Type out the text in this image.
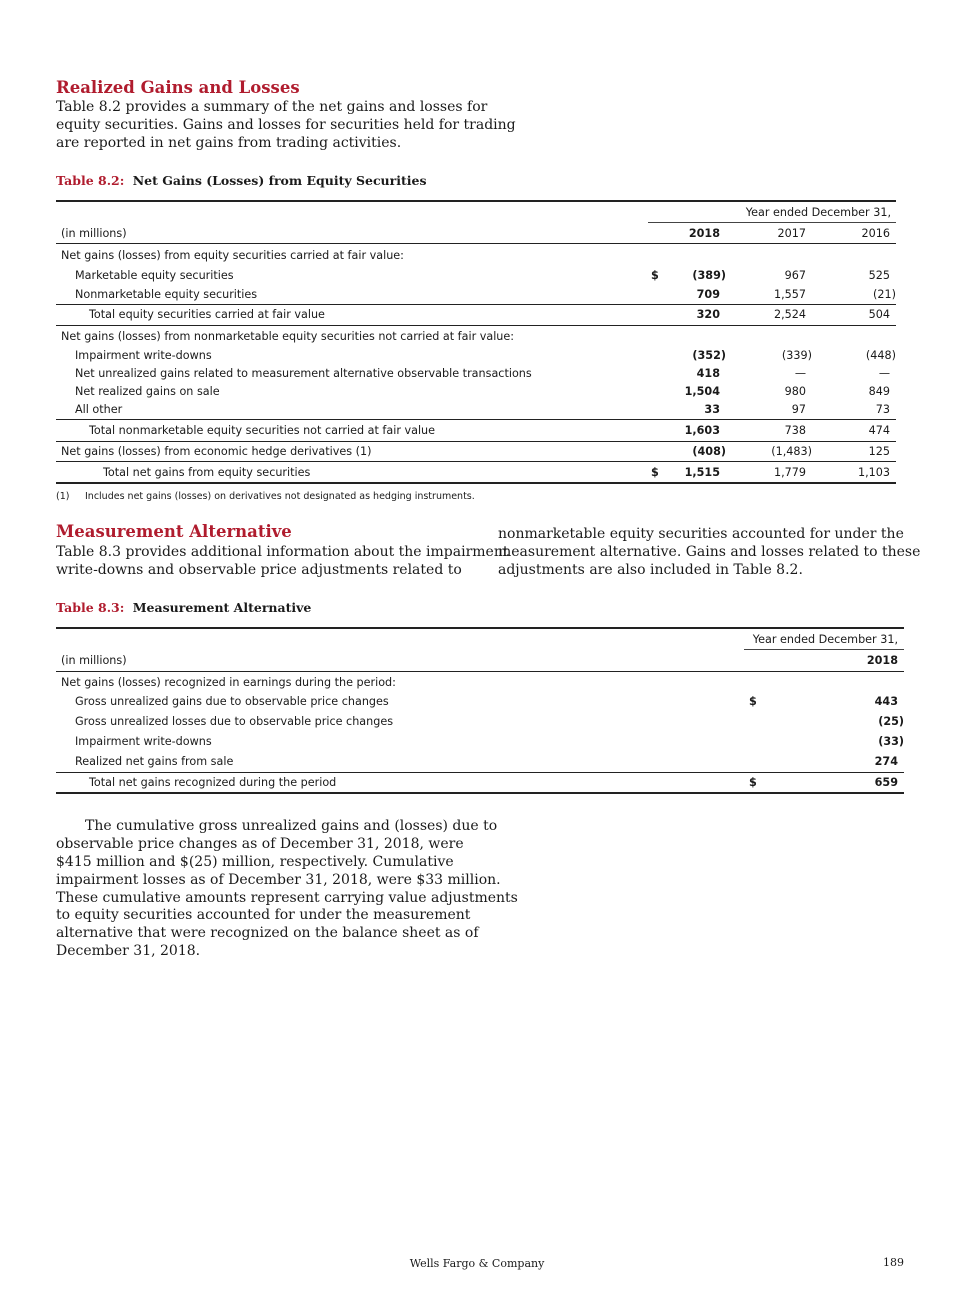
Realized Gains and Losses

Table 8.2 provides a summary of the net gains and losses for

equity securities. Gains and losses for securities held for trading

are reported in net gains from trading activities.

Table 8.2: Net Gains (Losses) from Equity Securities
Year ended December 31,
(in millions)	2018	2017	2016
Net gains (losses) from equity securities carried at fair value:
Marketable equity securities	$	(389)	967	525
Nonmarketable equity securities	709	1,557	(21)
Total equity securities carried at fair value	320	2,524	504
Net gains (losses) from nonmarketable equity securities not carried at fair value:
Impairment write-downs	(352)	(339)	(448)
Net unrealized gains related to measurement alternative observable transactions	418	—	—
Net realized gains on sale	1,504	980	849
All other	33	97	73
Total nonmarketable equity securities not carried at fair value	1,603	738	474
Net gains (losses) from economic hedge derivatives (1)	(408)	(1,483)	125
Total net gains from equity securities	$	1,515	1,779	1,103
(1) Includes net gains (losses) on derivatives not designated as hedging instruments.
Measurement Alternative

Table 8.3 provides additional information about the impairment

write-downs and observable price adjustments related to

nonmarketable equity securities accounted for under the

measurement alternative. Gains and losses related to these

adjustments are also included in Table 8.2.

Table 8.3: Measurement Alternative
Year ended December 31,
(in millions)	2018
Net gains (losses) recognized in earnings during the period:
Gross unrealized gains due to observable price changes	$	443
Gross unrealized losses due to observable price changes	(25)
Impairment write-downs	(33)
Realized net gains from sale	274
Total net gains recognized during the period	$	659

The cumulative gross unrealized gains and (losses) due to

observable price changes as of December 31, 2018, were

$415 million and $(25) million, respectively. Cumulative

impairment losses as of December 31, 2018, were $33 million.

These cumulative amounts represent carrying value adjustments

to equity securities accounted for under the measurement

alternative that were recognized on the balance sheet as of

December 31, 2018.

Wells Fargo & Company	189
